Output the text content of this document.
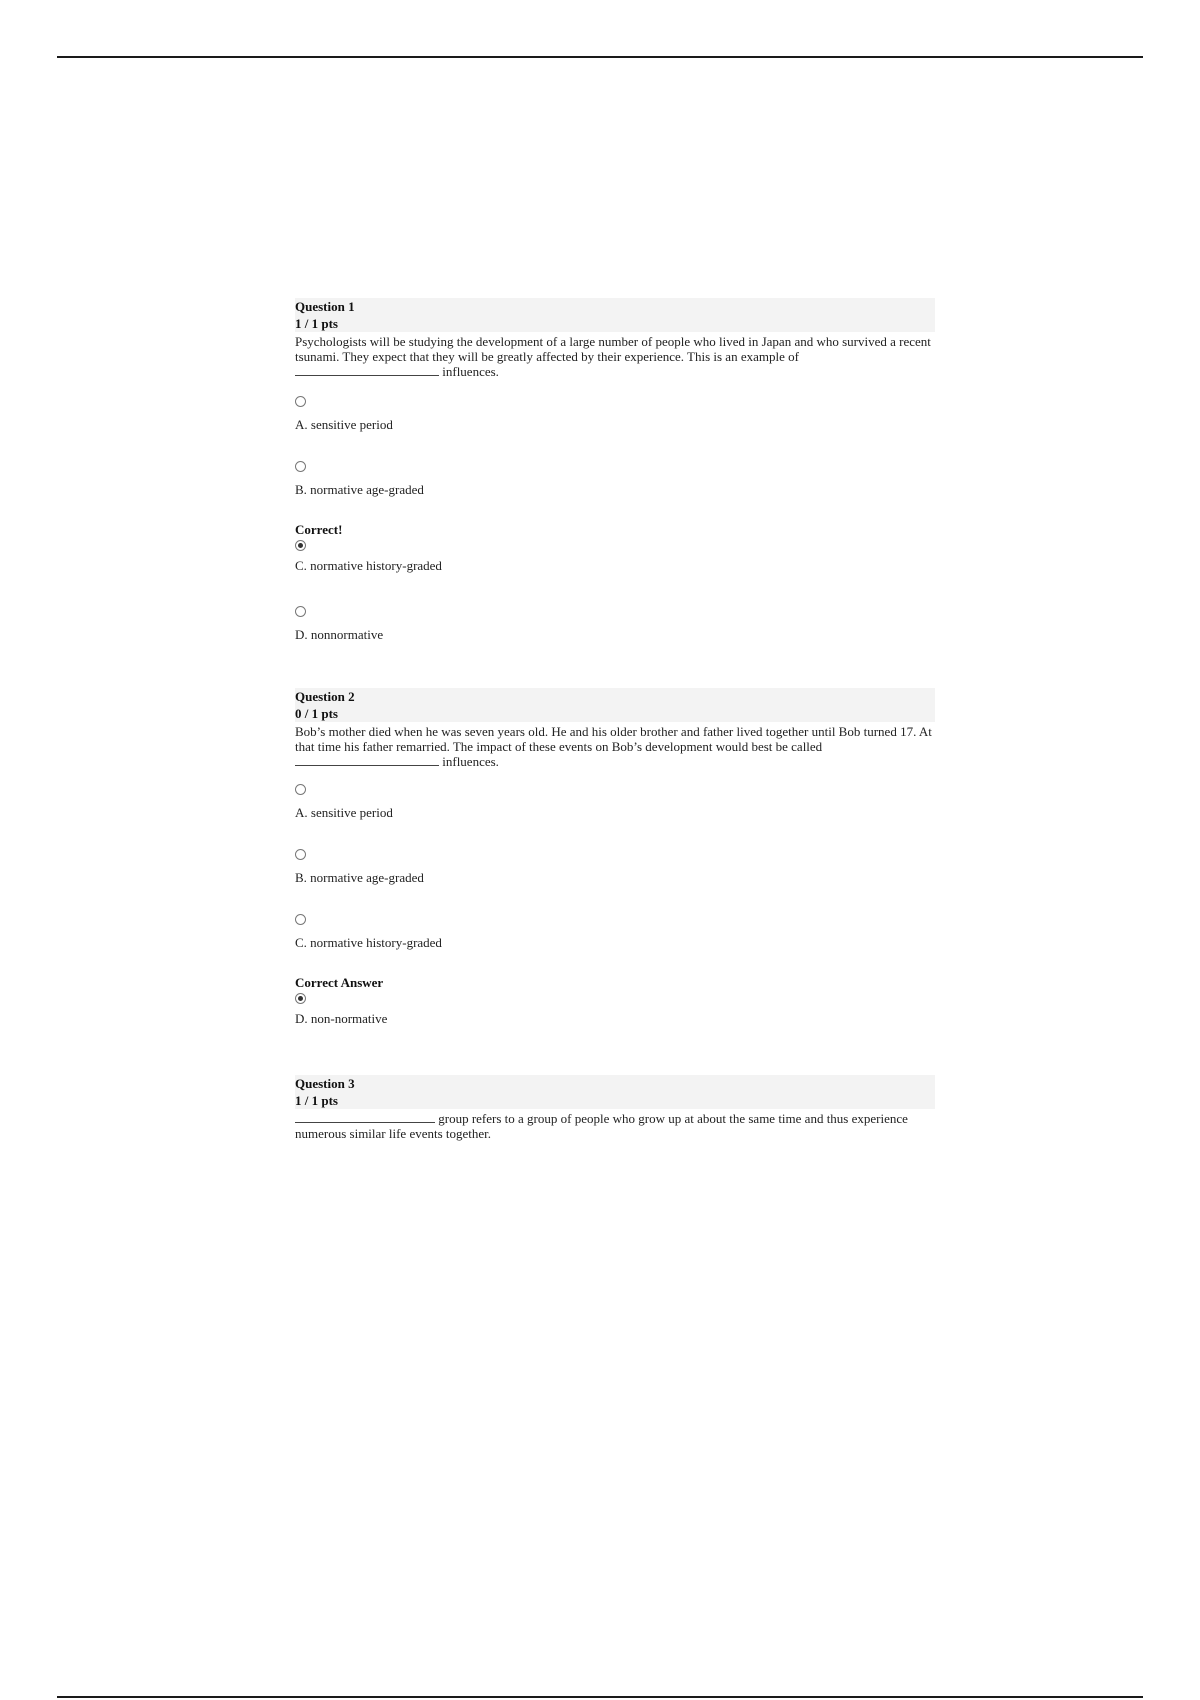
Question 1
1 / 1 pts
Psychologists will be studying the development of a large number of people who lived in Japan and who survived a recent tsunami. They expect that they will be greatly affected by their experience. This is an example of  influences.
A. sensitive period
B. normative age-graded
Correct!
C. normative history-graded
D. nonnormative
Question 2
0 / 1 pts
Bob’s mother died when he was seven years old. He and his older brother and father lived together until Bob turned 17. At that time his father remarried. The impact of these events on Bob’s development would best be called  influences.
A. sensitive period
B. normative age-graded
C. normative history-graded
Correct Answer
D. non-normative
Question 3
1 / 1 pts
group refers to a group of people who grow up at about the same time and thus experience numerous similar life events together.
